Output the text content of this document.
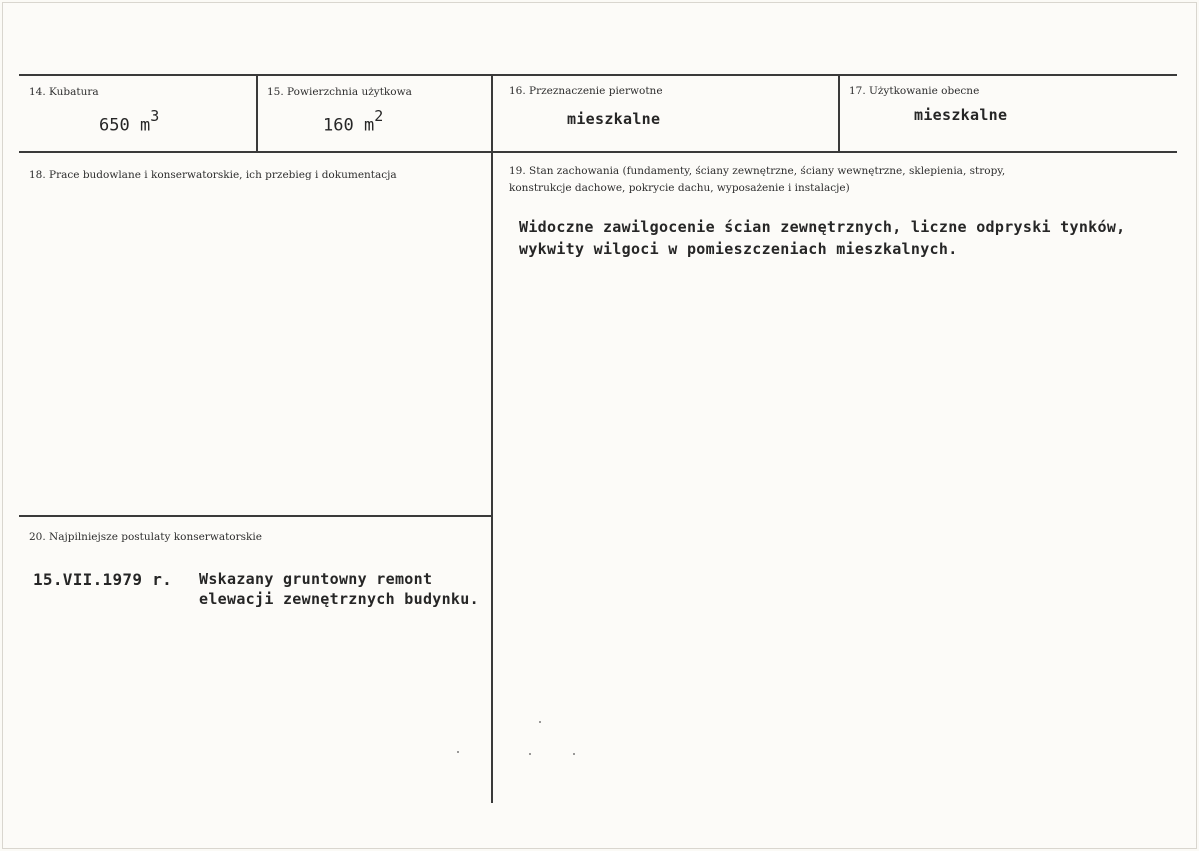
14. Kubatura
650 $m^3$
15. Powierzchnia użytkowa
160 $m^2$
16. Przeznaczenie pierwotne
mieszkalne
17. Użytkowanie obecne
mieszkalne
18. Prace budowlane i konserwatorskie, ich przebieg i dokumentacja	19. Stan zachowania (fundamenty, ściany zewnętrzne, ściany wewnętrzne, sklepienia, stropy,
konstrukcje dachowe, pokrycie dachu, wyposażenie i instalacje)
Widoczne zawilgocenie ścian zewnętrznych, liczne odpryski tynków,
wykwity wilgoci w pomieszczeniach mieszkalnych.
20. Najpilniejsze postulaty konserwatorskie
15.VII.1979 r. Wskazany gruntowny remont
elewacji zewnętrznych budynku.
